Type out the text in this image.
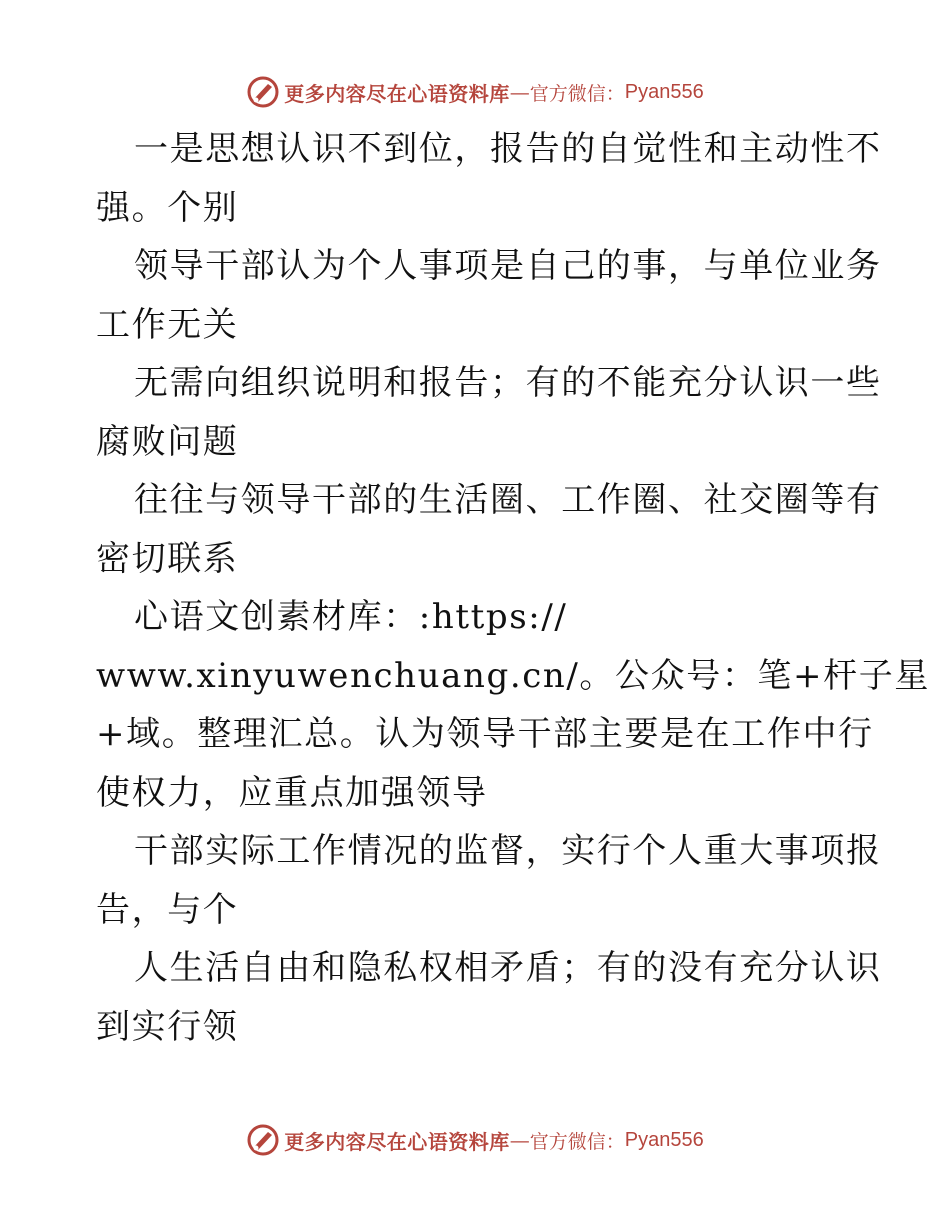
更多内容尽在心语资料库 — 官方微信： Pyan556
一是思想认识不到位，报告的自觉性和主动性不
强。个别
领导干部认为个人事项是自己的事，与单位业务
工作无关
无需向组织说明和报告；有的不能充分认识一些
腐败问题
往往与领导干部的生活圈、工作圈、社交圈等有
密切联系
心语文创素材库：:https://
www.xinyuwenchuang.cn/。公众号：笔+杆子星
+域。整理汇总。认为领导干部主要是在工作中行
使权力，应重点加强领导
干部实际工作情况的监督，实行个人重大事项报
告，与个
人生活自由和隐私权相矛盾；有的没有充分认识
到实行领
更多内容尽在心语资料库 — 官方微信： Pyan556
